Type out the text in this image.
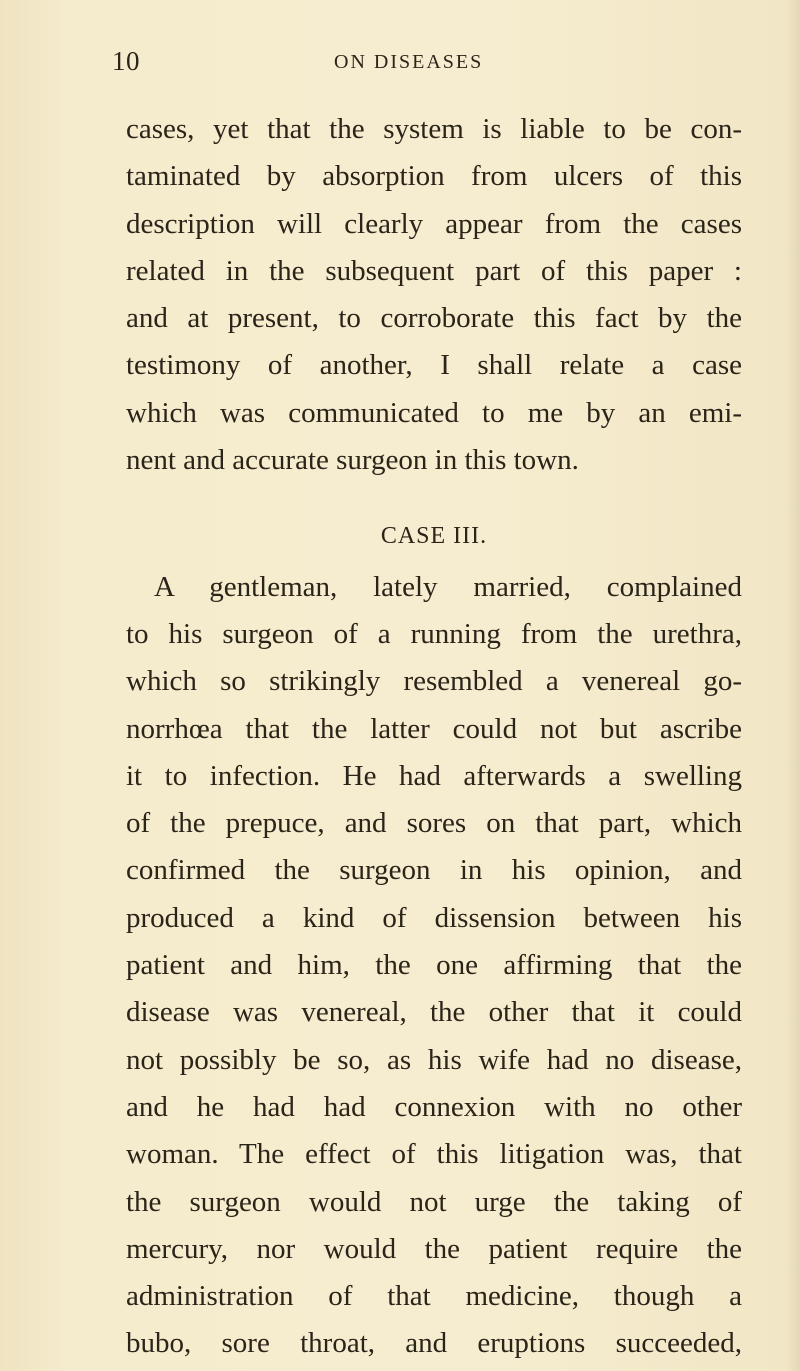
10	ON DISEASES
cases, yet that the system is liable to be con-
taminated by absorption from ulcers of this
description will clearly appear from the cases
related in the subsequent part of this paper :
and at present, to corroborate this fact by the
testimony of another, I shall relate a case
which was communicated to me by an emi-
nent and accurate surgeon in this town.
CASE III.
A gentleman, lately married, complained
to his surgeon of a running from the urethra,
which so strikingly resembled a venereal go-
norrhœa that the latter could not but ascribe
it to infection. He had afterwards a swelling
of the prepuce, and sores on that part, which
confirmed the surgeon in his opinion, and
produced a kind of dissension between his
patient and him, the one affirming that the
disease was venereal, the other that it could
not possibly be so, as his wife had no disease,
and he had had connexion with no other
woman. The effect of this litigation was, that
the surgeon would not urge the taking of
mercury, nor would the patient require the
administration of that medicine, though a
bubo, sore throat, and eruptions succeeded,
